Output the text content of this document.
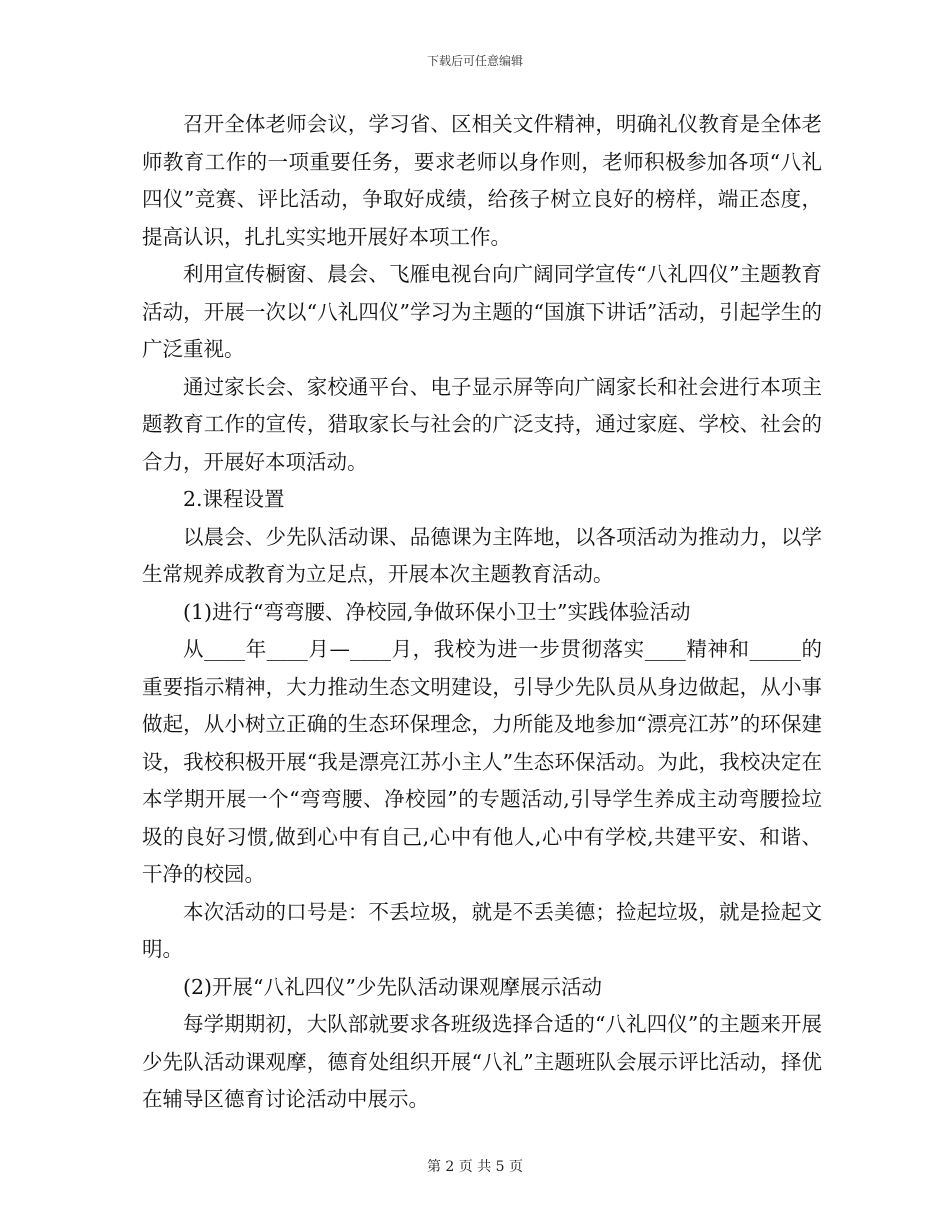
下载后可任意编辑

召开全体老师会议，学习省、区相关文件精神，明确礼仪教育是全体老师教育工作的一项重要任务，要求老师以身作则，老师积极参加各项“八礼四仪”竞赛、评比活动，争取好成绩，给孩子树立良好的榜样，端正态度，提高认识，扎扎实实地开展好本项工作。

利用宣传橱窗、晨会、飞雁电视台向广阔同学宣传“八礼四仪”主题教育活动，开展一次以“八礼四仪”学习为主题的“国旗下讲话”活动，引起学生的广泛重视。

通过家长会、家校通平台、电子显示屏等向广阔家长和社会进行本项主题教育工作的宣传，猎取家长与社会的广泛支持，通过家庭、学校、社会的合力，开展好本项活动。

2.课程设置

以晨会、少先队活动课、品德课为主阵地，以各项活动为推动力，以学生常规养成教育为立足点，开展本次主题教育活动。

(1)进行“弯弯腰、净校园,争做环保小卫士”实践体验活动

从____年____月—____月，我校为进一步贯彻落实____精神和_____的重要指示精神，大力推动生态文明建设，引导少先队员从身边做起，从小事做起，从小树立正确的生态环保理念，力所能及地参加“漂亮江苏”的环保建设，我校积极开展“我是漂亮江苏小主人”生态环保活动。为此，我校决定在本学期开展一个“弯弯腰、净校园”的专题活动,引导学生养成主动弯腰捡垃圾的良好习惯,做到心中有自己,心中有他人,心中有学校,共建平安、和谐、干净的校园。

本次活动的口号是：不丢垃圾，就是不丢美德；捡起垃圾，就是捡起文明。

(2)开展“八礼四仪”少先队活动课观摩展示活动

每学期期初，大队部就要求各班级选择合适的“八礼四仪”的主题来开展少先队活动课观摩，德育处组织开展“八礼”主题班队会展示评比活动，择优在辅导区德育讨论活动中展示。

第 2 页 共 5 页
